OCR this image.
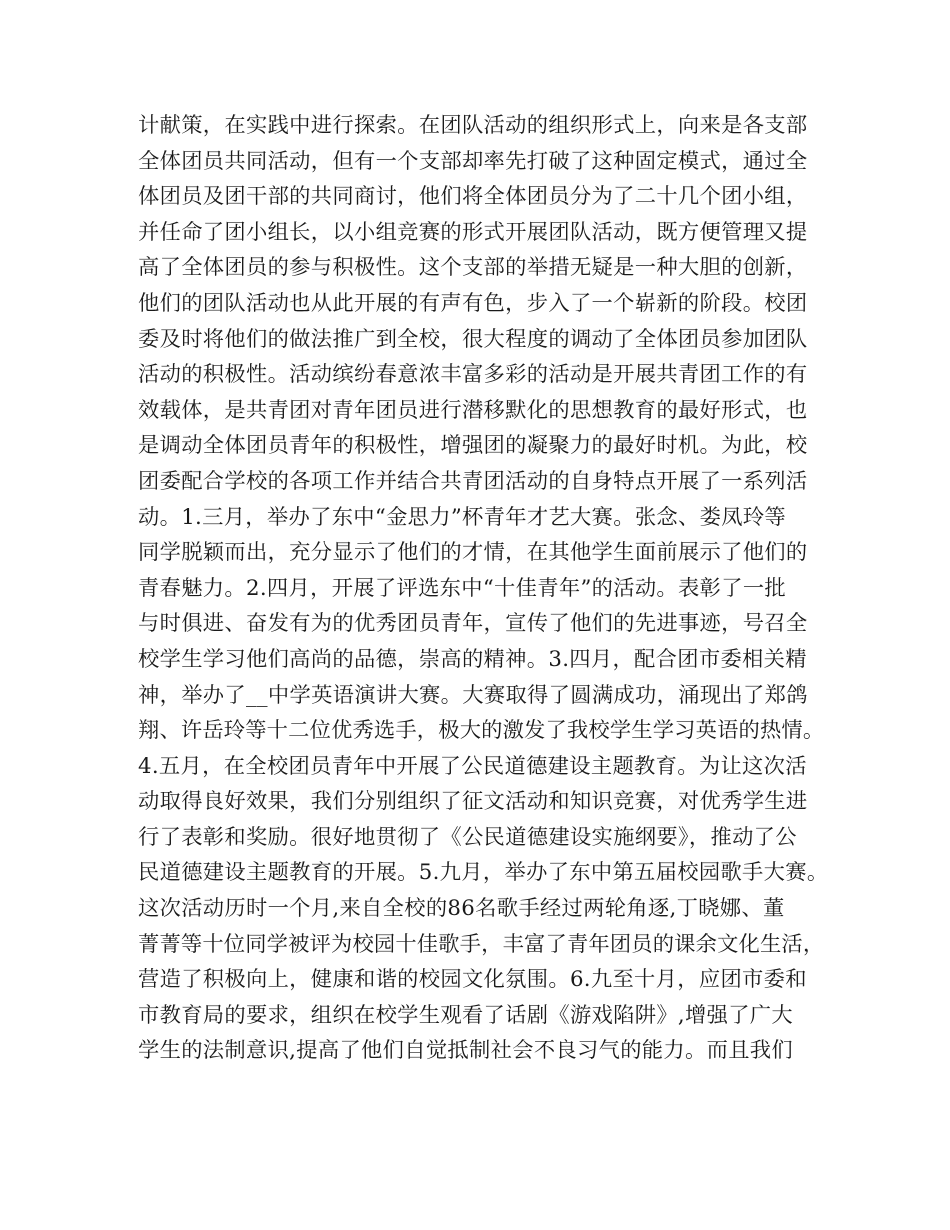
计献策，在实践中进行探索。在团队活动的组织形式上，向来是各支部
全体团员共同活动，但有一个支部却率先打破了这种固定模式，通过全
体团员及团干部的共同商讨，他们将全体团员分为了二十几个团小组，
并任命了团小组长，以小组竞赛的形式开展团队活动，既方便管理又提
高了全体团员的参与积极性。这个支部的举措无疑是一种大胆的创新，
他们的团队活动也从此开展的有声有色，步入了一个崭新的阶段。校团
委及时将他们的做法推广到全校，很大程度的调动了全体团员参加团队
活动的积极性。活动缤纷春意浓丰富多彩的活动是开展共青团工作的有
效载体，是共青团对青年团员进行潜移默化的思想教育的最好形式，也
是调动全体团员青年的积极性，增强团的凝聚力的最好时机。为此，校
团委配合学校的各项工作并结合共青团活动的自身特点开展了一系列活
动。1.三月，举办了东中“金思力”杯青年才艺大赛。张念、娄凤玲等
同学脱颖而出，充分显示了他们的才情，在其他学生面前展示了他们的
青春魅力。2.四月，开展了评选东中“十佳青年”的活动。表彰了一批
与时俱进、奋发有为的优秀团员青年，宣传了他们的先进事迹，号召全
校学生学习他们高尚的品德，崇高的精神。3.四月，配合团市委相关精
神，举办了__中学英语演讲大赛。大赛取得了圆满成功，涌现出了郑鸽
翔、许岳玲等十二位优秀选手，极大的激发了我校学生学习英语的热情。
4.五月，在全校团员青年中开展了公民道德建设主题教育。为让这次活
动取得良好效果，我们分别组织了征文活动和知识竞赛，对优秀学生进
行了表彰和奖励。很好地贯彻了《公民道德建设实施纲要》，推动了公
民道德建设主题教育的开展。5.九月，举办了东中第五届校园歌手大赛。
这次活动历时一个月,来自全校的86名歌手经过两轮角逐,丁晓娜、董
菁菁等十位同学被评为校园十佳歌手，丰富了青年团员的课余文化生活，
营造了积极向上，健康和谐的校园文化氛围。6.九至十月，应团市委和
市教育局的要求，组织在校学生观看了话剧《游戏陷阱》,增强了广大
学生的法制意识,提高了他们自觉抵制社会不良习气的能力。而且我们
